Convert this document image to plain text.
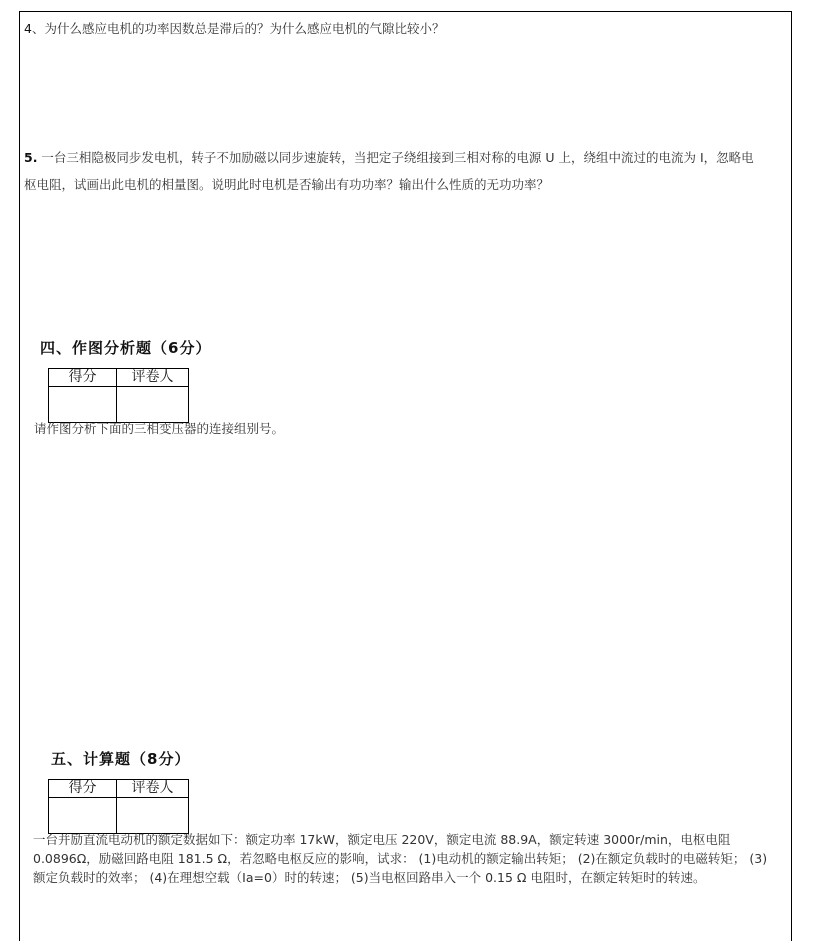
4、为什么感应电机的功率因数总是滞后的？为什么感应电机的气隙比较小？

5. 一台三相隐极同步发电机，转子不加励磁以同步速旋转，当把定子绕组接到三相对称的电源 U 上，绕组中流过的电流为 I，忽略电枢电阻，试画出此电机的相量图。说明此时电机是否输出有功功率？输出什么性质的无功功率？

四、作图分析题（6分）
得分	评卷人

请作图分析下面的三相变压器的连接组别号。

五、计算题（8分）
得分	评卷人

一台并励直流电动机的额定数据如下：额定功率 17kW，额定电压 220V，额定电流 88.9A，额定转速 3000r/min，电枢电阻 0.0896Ω，励磁回路电阻 181.5 Ω，若忽略电枢反应的影响，试求： (1)电动机的额定输出转矩； (2)在额定负载时的电磁转矩； (3)额定负载时的效率； (4)在理想空载（Ia=0）时的转速； (5)当电枢回路串入一个 0.15 Ω 电阻时，在额定转矩时的转速。
